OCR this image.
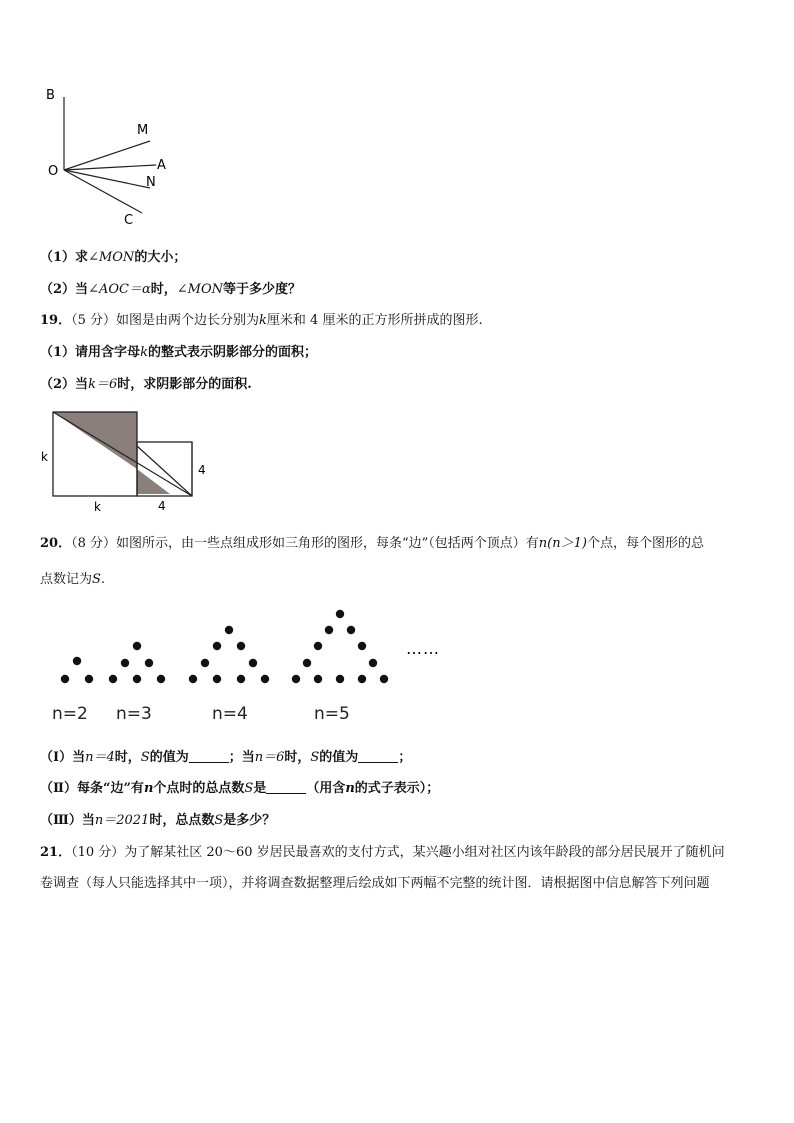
B
M
A
O
N
C
（1）求∠MON的大小；
（2）当∠AOC＝α时，∠MON等于多少度？
19．（5 分）如图是由两个边长分别为k厘米和 4 厘米的正方形所拼成的图形.
（1）请用含字母k的整式表示阴影部分的面积；
（2）当k＝6时，求阴影部分的面积.
k
k	4
4
20．（8 分）如图所示，由一些点组成形如三角形的图形，每条“边”（包括两个顶点）有n(n＞1)个点，每个图形的总
点数记为S.
……
n=2 n=3	n=4	n=5
（Ⅰ）当n＝4时，S的值为	；当n＝6时，S的值为	；
（Ⅱ）每条“边”有n个点时的总点数S是	（用含n的式子表示）；
（Ⅲ）当n＝2021时，总点数S是多少？
21．（10 分）为了解某社区 20～60 岁居民最喜欢的支付方式，某兴趣小组对社区内该年龄段的部分居民展开了随机问
卷调查（每人只能选择其中一项），并将调查数据整理后绘成如下两幅不完整的统计图．请根据图中信息解答下列问题
